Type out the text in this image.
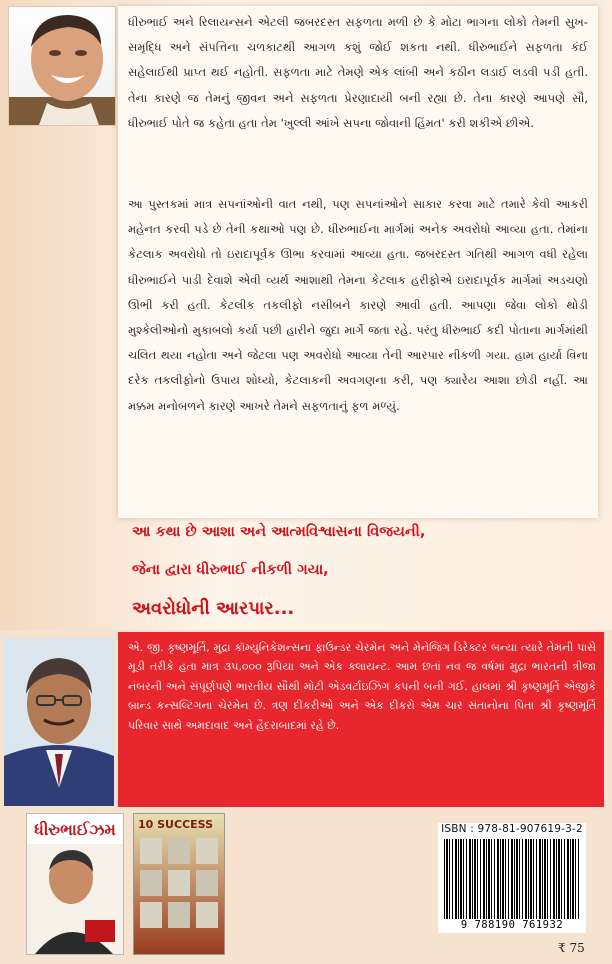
ધીરુભાઈ અને રિલાયન્સને એટલી જબરદસ્ત સફળતા મળી છે કે મોટા ભાગના લોકો તેમની સુખ-સમૃદ્ધિ અને સંપત્તિના ચળકાટથી આગળ કશું જોઈ શકતા નથી. ધીરુભાઈને સફળતા કંઈ સહેલાઈથી પ્રાપ્ત થઈ નહોતી. સફળતા માટે તેમણે એક લાંબી અને કઠીન લડાઈ લડવી પડી હતી. તેના કારણે જ તેમનું જીવન અને સફળતા પ્રેરણાદાયી બની રહ્યા છે. તેના કારણે આપણે સૌ, ધીરુભાઈ પોતે જ કહેતા હતા તેમ 'ખુલ્લી આંખે સપના જોવાની હિંમત' કરી શકીએ છીએ.

આ પુસ્તકમાં માત્ર સપનાંઓની વાત નથી, પણ સપનાંઓને સાકાર કરવા માટે તમારે કેવી આકરી મહેનત કરવી પડે છે તેની કથાઓ પણ છે. ધીરુભાઈના માર્ગમાં અનેક અવરોધો આવ્યા હતા. તેમાંના કેટલાક અવરોધો તો ઇરાદાપૂર્વક ઊભા કરવામાં આવ્યા હતા. જબરદસ્ત ગતિથી આગળ વધી રહેલા ધીરુભાઈને પાડી દેવાશે એવી વ્યર્થ આશાથી તેમના કેટલાક હરીફોએ ઇરાદાપૂર્વક માર્ગમાં અડચણો ઊભી કરી હતી. કેટલીક તકલીફો નસીબને કારણે આવી હતી. આપણા જેવા લોકો થોડી મુશ્કેલીઓનો મુકાબલો કર્યા પછી હારીને જુદા માર્ગે જતા રહે. પરંતુ ધીરુભાઈ કદી પોતાના માર્ગમાંથી ચલિત થયા નહોતા અને જેટલા પણ અવરોધો આવ્યા તેની આરપાર નીકળી ગયા. હામ હાર્યા વિના દરેક તકલીફોનો ઉપાય શોધ્યો, કેટલાકની અવગણના કરી, પણ ક્યારેય આશા છોડી નહીં. આ મક્કમ મનોબળને કારણે આખરે તેમને સફળતાનું ફળ મળ્યું.

આ કથા છે આશા અને આત્મવિશ્વાસના વિજયની,

જેના દ્વારા ધીરુભાઈ નીકળી ગયા,

અવરોધોની આરપાર...

એ. જી. કૃષ્ણમૂર્તિ, મુદ્રા કૉમ્યુનિકેશન્સના ફાઉન્ડર ચેરમેન અને મેનેજિંગ ડિરેક્ટર બન્યા ત્યારે તેમની પાસે મૂડી તરીકે હતા માત્ર ૩૫,૦૦૦ રૂપિયા અને એક ક્લાયન્ટ. આમ છતાં નવ જ વર્ષમાં મુદ્રા ભારતની ત્રીજા નંબરની અને સંપૂર્ણપણે ભારતીય સૌથી મોટી એડવર્ટાઇઝિંગ કંપની બની ગઈ. હાલમાં શ્રી કૃષ્ણમૂર્તિ એજીકે બ્રાન્ડ કન્સલ્ટિંગના ચેરમેન છે. ત્રણ દીકરીઓ અને એક દીકરો એમ ચાર સંતાનોના પિતા શ્રી કૃષ્ણમૂર્તિ પરિવાર સાથે અમદાવાદ અને હૈદરાબાદમાં રહે છે.

ધીરુભાઈઝમ	10 SUCCESS	ISBN : 978-81-907619-3-2
9 788190 761932
₹ 75
